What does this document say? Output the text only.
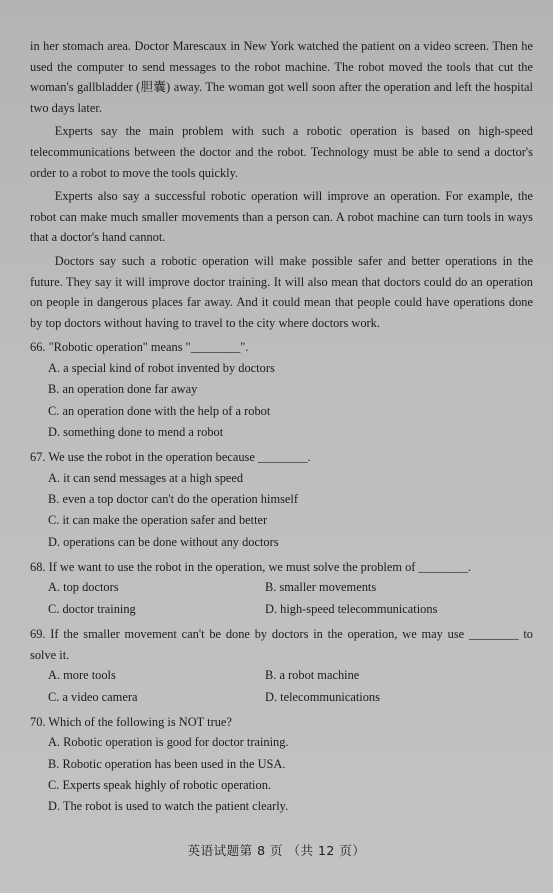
in her stomach area. Doctor Marescaux in New York watched the patient on a video screen. Then he used the computer to send messages to the robot machine. The robot moved the tools that cut the woman's gallbladder (胆囊) away. The woman got well soon after the operation and left the hospital two days later.

Experts say the main problem with such a robotic operation is based on high-speed telecommunications between the doctor and the robot. Technology must be able to send a doctor's order to a robot to move the tools quickly.

Experts also say a successful robotic operation will improve an operation. For example, the robot can make much smaller movements than a person can. A robot machine can turn tools in ways that a doctor's hand cannot.

Doctors say such a robotic operation will make possible safer and better operations in the future. They say it will improve doctor training. It will also mean that doctors could do an operation on people in dangerous places far away. And it could mean that people could have operations done by top doctors without having to travel to the city where doctors work.

66. "Robotic operation" means "________".

A. a special kind of robot invented by doctors
B. an operation done far away
C. an operation done with the help of a robot
D. something done to mend a robot

67. We use the robot in the operation because ________.

A. it can send messages at a high speed
B. even a top doctor can't do the operation himself
C. it can make the operation safer and better
D. operations can be done without any doctors

68. If we want to use the robot in the operation, we must solve the problem of ________.

A. top doctors	B. smaller movements
C. doctor training	D. high-speed telecommunications

69. If the smaller movement can't be done by doctors in the operation, we may use ________ to solve it.

A. more tools	B. a robot machine
C. a video camera	D. telecommunications

70. Which of the following is NOT true?

A. Robotic operation is good for doctor training.
B. Robotic operation has been used in the USA.
C. Experts speak highly of robotic operation.
D. The robot is used to watch the patient clearly.
英语试题第 8 页 （共 12 页）
